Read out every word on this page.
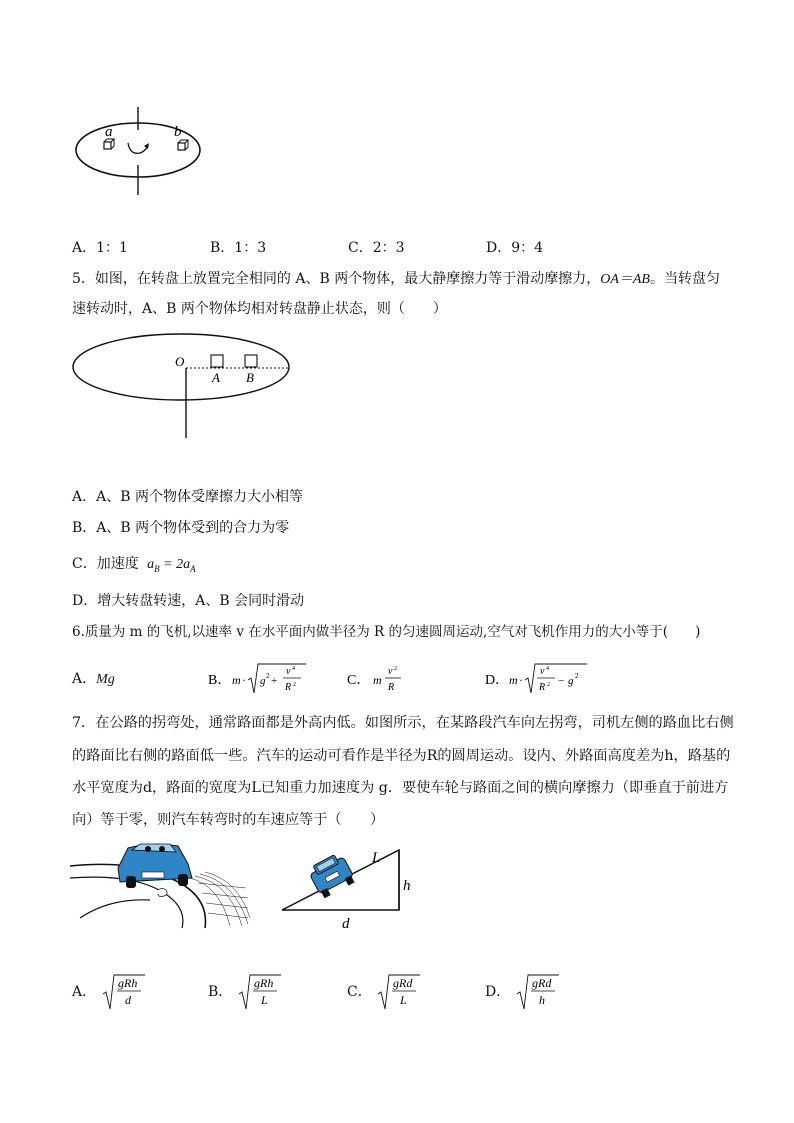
a	b
A．1：1	B．1：3	C．2：3	D．9：4
5．如图，在转盘上放置完全相同的 A、B 两个物体，最大静摩擦力等于滑动摩擦力，OA＝AB。当转盘匀
速转动时，A、B 两个物体均相对转盘静止状态，则（　　）
O
A B
A．A、B 两个物体受摩擦力大小相等
B．A、B 两个物体受到的合力为零
C．加速度 $a_B = 2a_A$
D．增大转盘转速，A、B 会同时滑动
6.质量为 m 的飞机,以速率 v 在水平面内做半径为 R 的匀速圆周运动,空气对飞机作用力的大小等于(　　)
A．Mg	B． m · g 2 +
v 4
R 2	C． m
v 2
R	D． m ·
v 4
R 2 − g 2
7．在公路的拐弯处，通常路面都是外高内低。如图所示，在某路段汽车向左拐弯，司机左侧的路血比右侧
的路面比右侧的路面低一些。汽车的运动可看作是半径为R的圆周运动。设内、外路面高度差为h，路基的
水平宽度为d，路面的宽度为L已知重力加速度为 g．要使车轮与路面之间的横向摩擦力（即垂直于前进方
向）等于零，则汽车转弯时的车速应等于（　　）
L
h
d
A．
gRh
d	B．
gRh
L	C．
gRd
L	D．
gRd
h
